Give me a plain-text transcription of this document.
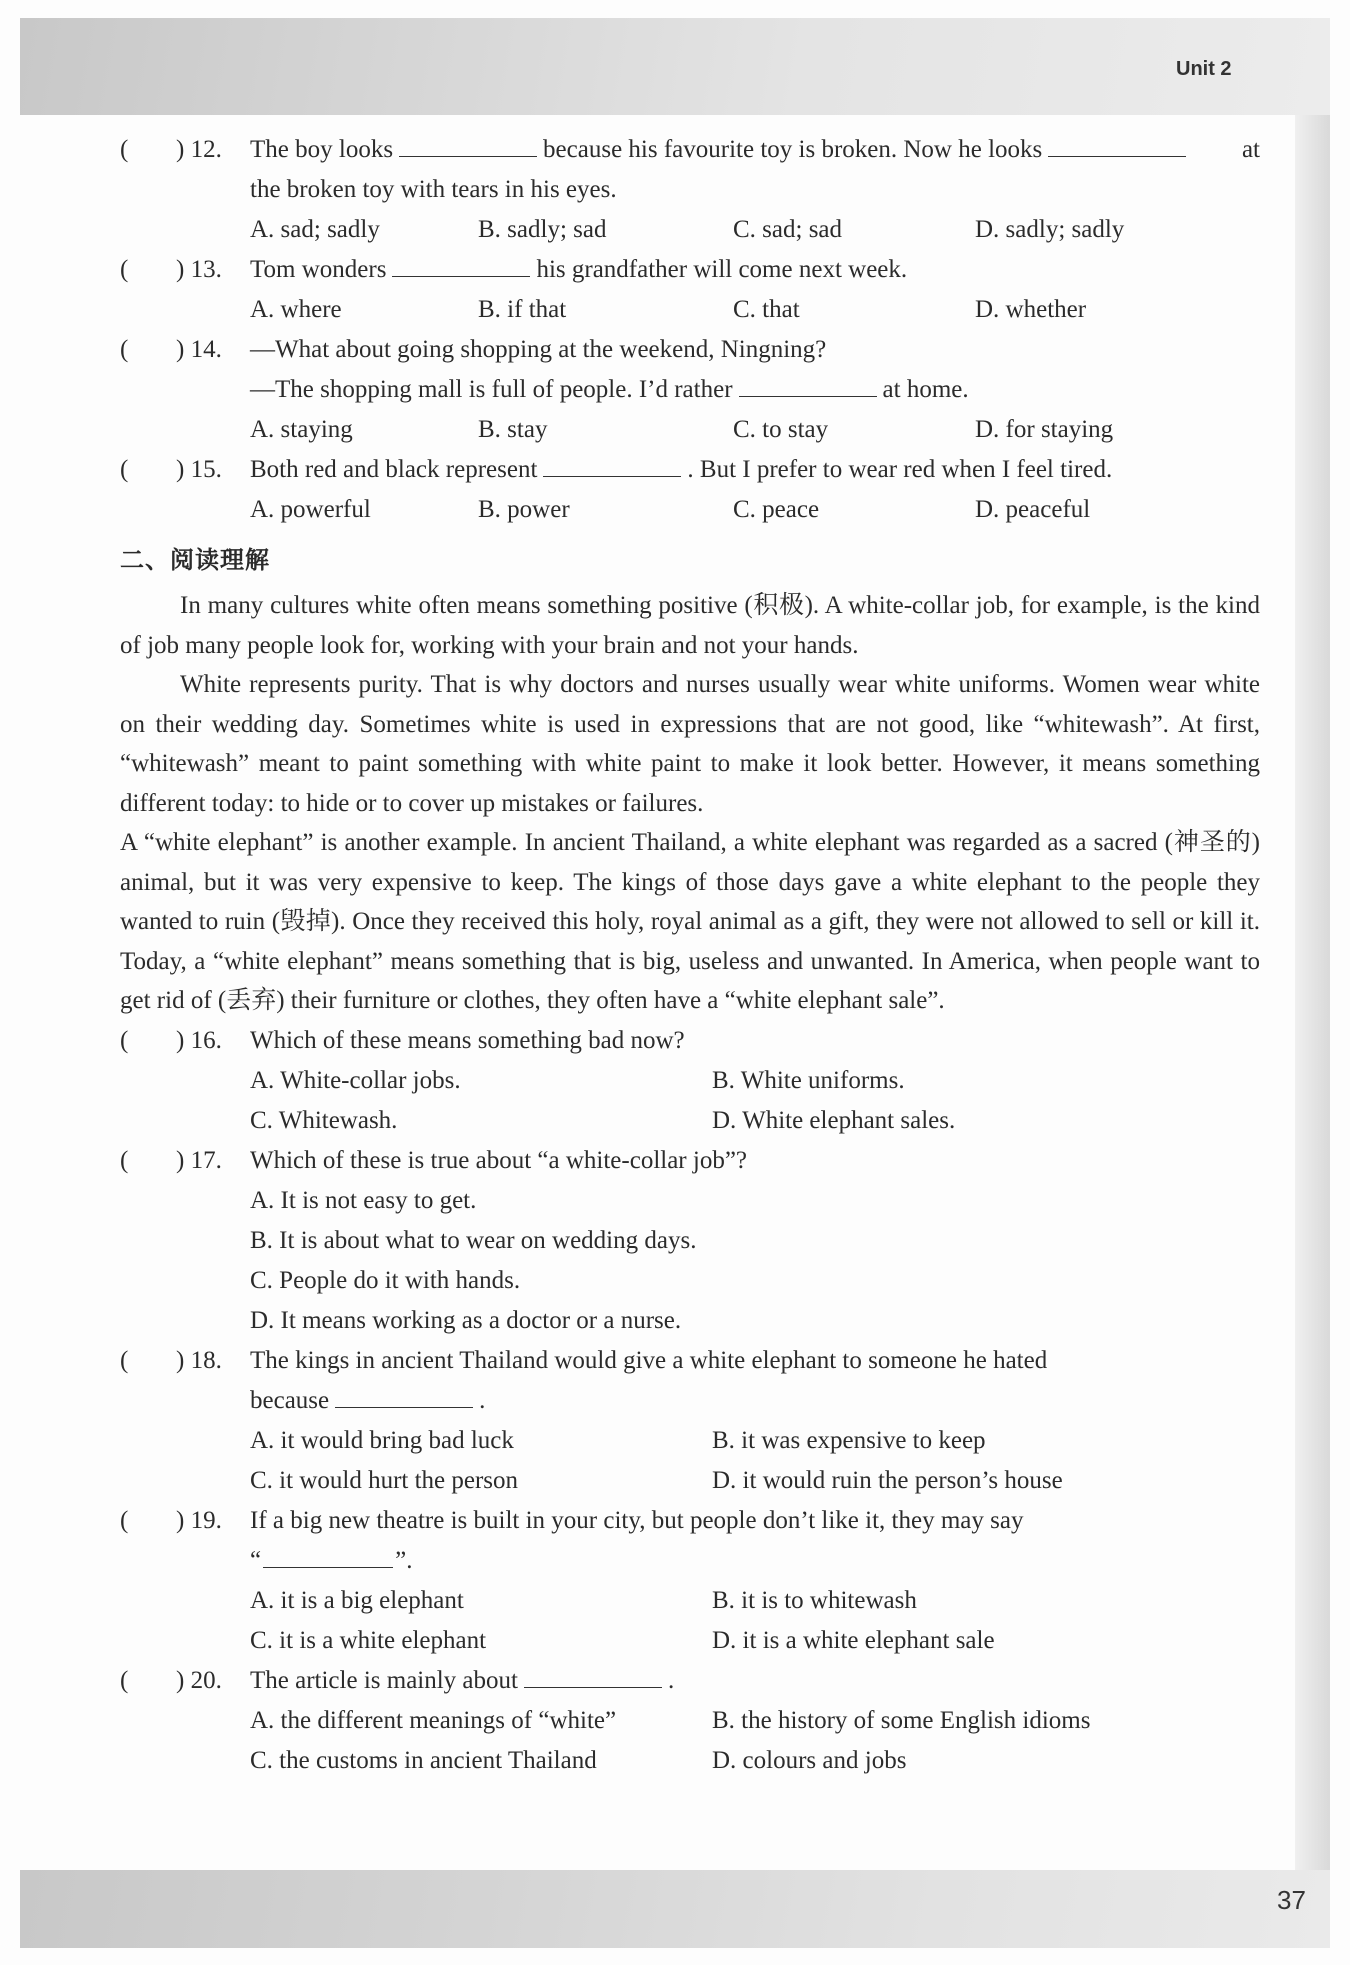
Unit 2
37
( ) 12.	The boy looks	because his favourite toy is broken. Now he looks	at

the broken toy with tears in his eyes.
A. sad; sadly	B. sadly; sad	C. sad; sad	D. sadly; sadly
( ) 13.	Tom wonders	his grandfather will come next week.
A. where	B. if that	C. that	D. whether
( ) 14.	—What about going shopping at the weekend, Ningning?
—The shopping mall is full of people. I’d rather	at home.
A. staying	B. stay	C. to stay	D. for staying
( ) 15.	Both red and black represent	. But I prefer to wear red when I feel tired.
A. powerful	B. power	C. peace	D. peaceful
二、阅读理解

In many cultures white often means something positive (积极). A white-collar job, for example, is the kind of job many people look for, working with your brain and not your hands.

White represents purity. That is why doctors and nurses usually wear white uniforms. Women wear white on their wedding day. Sometimes white is used in expressions that are not good, like “whitewash”. At first, “whitewash” meant to paint something with white paint to make it look better. However, it means something different today: to hide or to cover up mistakes or failures.

A “white elephant” is another example. In ancient Thailand, a white elephant was regarded as a sacred (神圣的) animal, but it was very expensive to keep. The kings of those days gave a white elephant to the people they wanted to ruin (毁掉). Once they received this holy, royal animal as a gift, they were not allowed to sell or kill it. Today, a “white elephant” means something that is big, useless and unwanted. In America, when people want to get rid of (丢弃) their furniture or clothes, they often have a “white elephant sale”.

( ) 16.	Which of these means something bad now?
A. White-collar jobs.	B. White uniforms.
C. Whitewash.	D. White elephant sales.
( ) 17.	Which of these is true about “a white-collar job”?
A. It is not easy to get.
B. It is about what to wear on wedding days.
C. People do it with hands.
D. It means working as a doctor or a nurse.
( ) 18.	The kings in ancient Thailand would give a white elephant to someone he hated
because	.
A. it would bring bad luck	B. it was expensive to keep
C. it would hurt the person	D. it would ruin the person’s house
( ) 19.	If a big new theatre is built in your city, but people don’t like it, they may say
“	”.
A. it is a big elephant	B. it is to whitewash
C. it is a white elephant	D. it is a white elephant sale
( ) 20.	The article is mainly about	.
A. the different meanings of “white”	B. the history of some English idioms
C. the customs in ancient Thailand	D. colours and jobs
